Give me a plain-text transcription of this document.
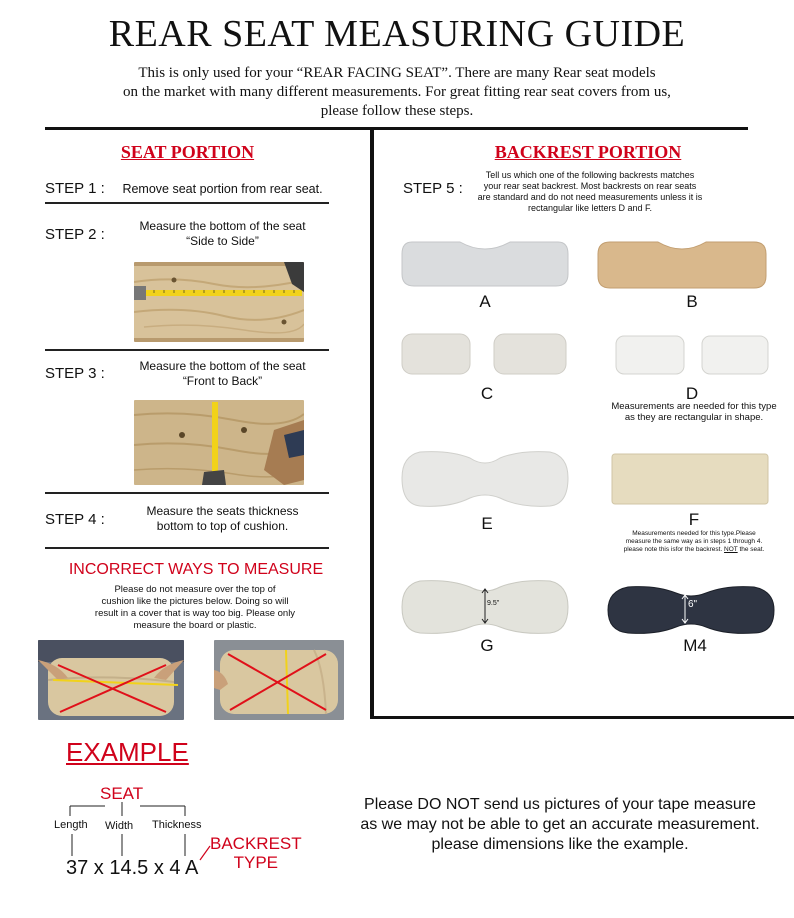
REAR SEAT MEASURING GUIDE
This is only used for your “REAR FACING SEAT”. There are many Rear seat models
on the market with many different measurements. For great fitting rear seat covers from us,
please follow these steps.
SEAT PORTION
STEP 1 :	Remove seat portion from rear seat.
STEP 2 :	Measure the bottom of the seat
“Side to Side”
STEP 3 :	Measure the bottom of the seat
“Front to Back”
STEP 4 :	Measure the seats thickness
bottom to top of cushion.
INCORRECT WAYS TO MEASURE
Please do not measure over the top of
cushion like the pictures below. Doing so will
result in a cover that is way too big. Please only
measure the board or plastic.
BACKREST PORTION
STEP 5 :
Tell us which one of the following backrests matches
your rear seat backrest. Most backrests on rear seats
are standard and do not need measurements unless it is
rectangular like letters D and F.
A	B
C	D
Measurements are needed for this type
as they are rectangular in shape.
E	F
Measurements needed for this type.Please
measure the same way as in steps 1 through 4.
please note this isfor the backrest. NOT the seat.
9.5"
G
6"
M4
EXAMPLE
SEAT
Length Width Thickness
37 x 14.5 x 4 A
BACKREST
TYPE
Please DO NOT send us pictures of your tape measure
as we may not be able to get an accurate measurement.
please dimensions like the example.
